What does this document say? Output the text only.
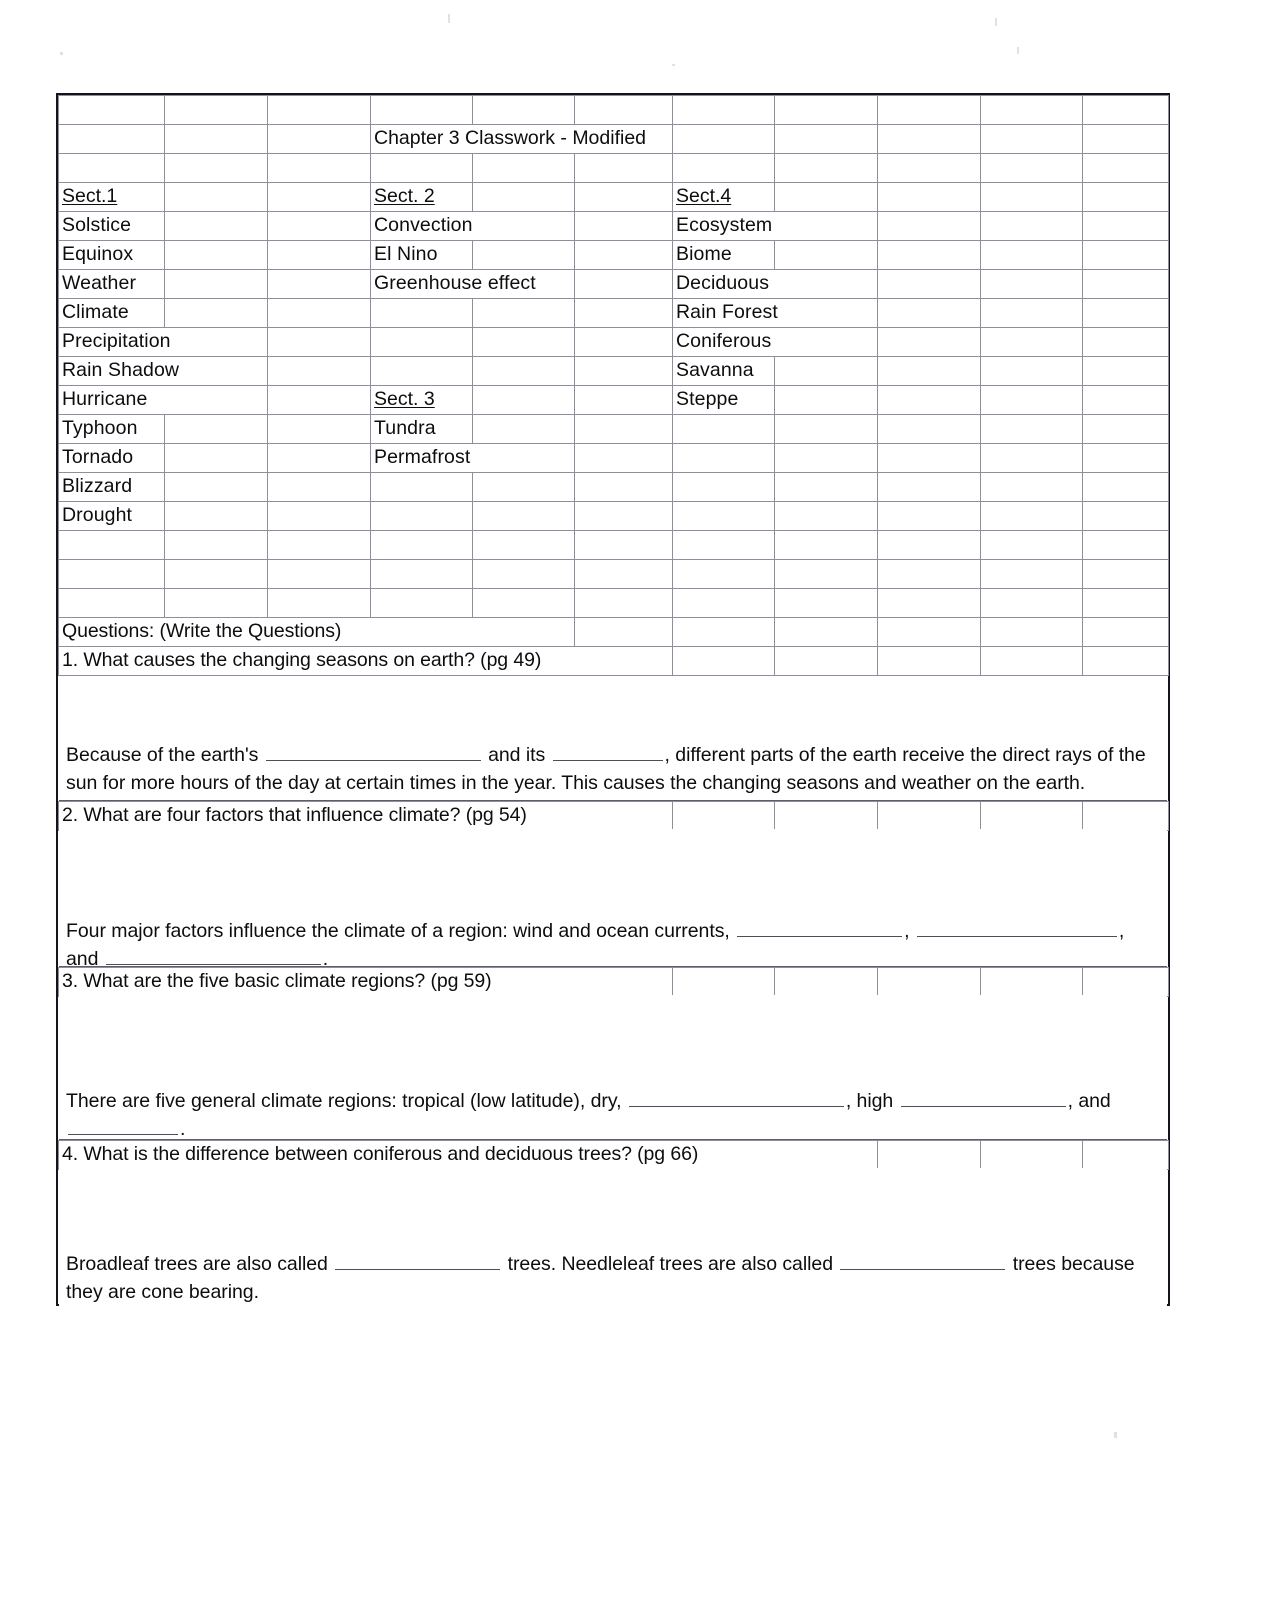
			Chapter 3 Classwork - Modified							

Sect.1			Sect. 2			Sect.4				
Solstice			Convection			Ecosystem				
Equinox			El Nino			Biome				
Weather			Greenhouse effect			Deciduous				
Climate						Rain Forest				
Precipitation						Coniferous				
Rain Shadow						Savanna				
Hurricane			Sect. 3			Steppe				
Typhoon			Tundra							
Tornado			Permafrost							
Blizzard										
Drought										

Questions: (Write the Questions)										
1. What causes the changing seasons on earth? (pg 49)										

Because of the earth's	and its	, different parts of the earth receive the direct rays of the sun for more hours of the day at certain times in the year. This causes the changing seasons and weather on the earth.

2. What are four factors that influence climate? (pg 54)					

Four major factors influence the climate of a region: wind and ocean currents,	,	, and	.

3. What are the five basic climate regions? (pg 59)					

There are five general climate regions: tropical (low latitude), dry,	, high	, and .

4. What is the difference between coniferous and deciduous trees? (pg 66)			

Broadleaf trees are also called	trees. Needleleaf trees are also called	trees because they are cone bearing.
